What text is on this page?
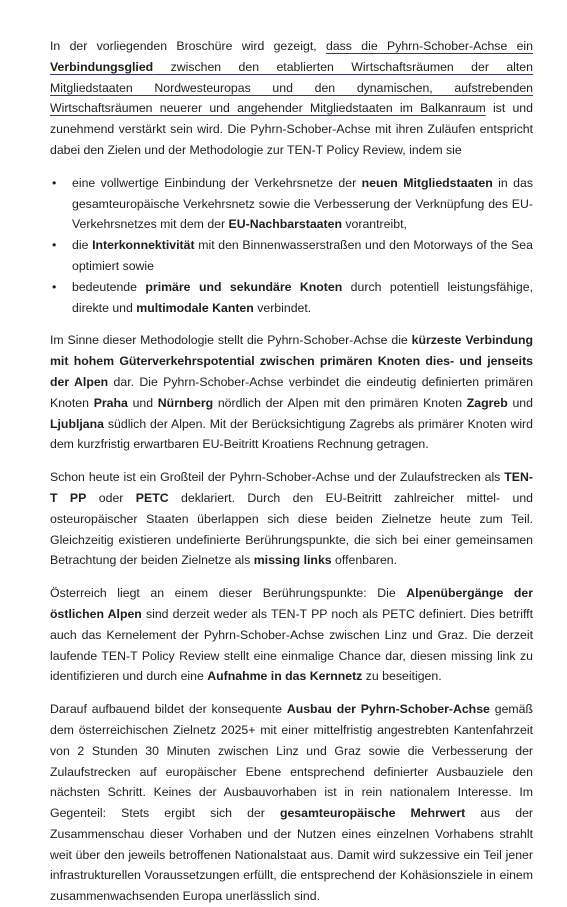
In der vorliegenden Broschüre wird gezeigt, dass die Pyhrn-Schober-Achse ein Verbindungsglied zwischen den etablierten Wirtschaftsräumen der alten Mitgliedstaaten Nordwesteuropas und den dynamischen, aufstrebenden Wirtschaftsräumen neuerer und angehender Mitgliedstaaten im Balkanraum ist und zunehmend verstärkt sein wird. Die Pyhrn-Schober-Achse mit ihren Zuläufen entspricht dabei den Zielen und der Methodologie zur TEN-T Policy Review, indem sie

• eine vollwertige Einbindung der Verkehrsnetze der neuen Mitgliedstaaten in das gesamteuropäische Verkehrsnetz sowie die Verbesserung der Verknüpfung des EU-Verkehrsnetzes mit dem der EU-Nachbarstaaten vorantreibt,
• die Interkonnektivität mit den Binnenwasserstraßen und den Motorways of the Sea optimiert sowie
• bedeutende primäre und sekundäre Knoten durch potentiell leistungsfähige, direkte und multimodale Kanten verbindet.

Im Sinne dieser Methodologie stellt die Pyhrn-Schober-Achse die kürzeste Verbindung mit hohem Güterverkehrspotential zwischen primären Knoten dies- und jenseits der Alpen dar. Die Pyhrn-Schober-Achse verbindet die eindeutig definierten primären Knoten Praha und Nürnberg nördlich der Alpen mit den primären Knoten Zagreb und Ljubljana südlich der Alpen. Mit der Berücksichtigung Zagrebs als primärer Knoten wird dem kurzfristig erwartbaren EU-Beitritt Kroatiens Rechnung getragen.

Schon heute ist ein Großteil der Pyhrn-Schober-Achse und der Zulaufstrecken als TEN-T PP oder PETC deklariert. Durch den EU-Beitritt zahlreicher mittel- und osteuropäischer Staaten überlappen sich diese beiden Zielnetze heute zum Teil. Gleichzeitig existieren undefinierte Berührungspunkte, die sich bei einer gemeinsamen Betrachtung der beiden Zielnetze als missing links offenbaren.

Österreich liegt an einem dieser Berührungspunkte: Die Alpenübergänge der östlichen Alpen sind derzeit weder als TEN-T PP noch als PETC definiert. Dies betrifft auch das Kernelement der Pyhrn-Schober-Achse zwischen Linz und Graz. Die derzeit laufende TEN-T Policy Review stellt eine einmalige Chance dar, diesen missing link zu identifizieren und durch eine Aufnahme in das Kernnetz zu beseitigen.

Darauf aufbauend bildet der konsequente Ausbau der Pyhrn-Schober-Achse gemäß dem österreichischen Zielnetz 2025+ mit einer mittelfristig angestrebten Kantenfahrzeit von 2 Stunden 30 Minuten zwischen Linz und Graz sowie die Verbesserung der Zulaufstrecken auf europäischer Ebene entsprechend definierter Ausbauziele den nächsten Schritt. Keines der Ausbauvorhaben ist in rein nationalem Interesse. Im Gegenteil: Stets ergibt sich der gesamteuropäische Mehrwert aus der Zusammenschau dieser Vorhaben und der Nutzen eines einzelnen Vorhabens strahlt weit über den jeweils betroffenen Nationalstaat aus. Damit wird sukzessive ein Teil jener infrastrukturellen Voraussetzungen erfüllt, die entsprechend der Kohäsionsziele in einem zusammenwachsenden Europa unerlässlich sind.
